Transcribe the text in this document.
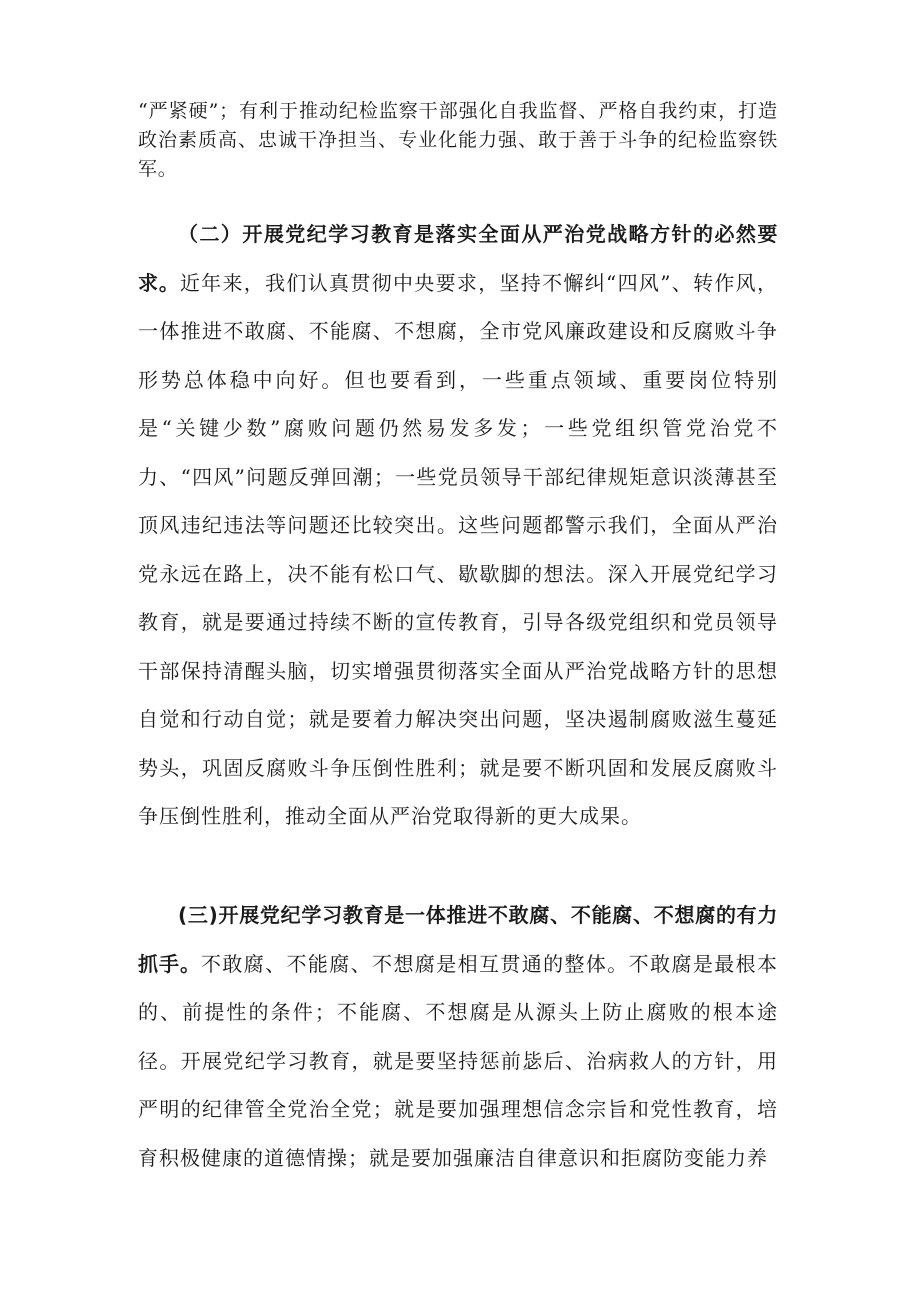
“严紧硬”；有利于推动纪检监察干部强化自我监督、严格自我约束，打造政治素质高、忠诚干净担当、专业化能力强、敢于善于斗争的纪检监察铁军。

（二）开展党纪学习教育是落实全面从严治党战略方针的必然要求。近年来，我们认真贯彻中央要求，坚持不懈纠“四风”、转作风，一体推进不敢腐、不能腐、不想腐，全市党风廉政建设和反腐败斗争形势总体稳中向好。但也要看到，一些重点领域、重要岗位特别是“关键少数”腐败问题仍然易发多发；一些党组织管党治党不力、“四风”问题反弹回潮；一些党员领导干部纪律规矩意识淡薄甚至顶风违纪违法等问题还比较突出。这些问题都警示我们，全面从严治党永远在路上，决不能有松口气、歇歇脚的想法。深入开展党纪学习教育，就是要通过持续不断的宣传教育，引导各级党组织和党员领导干部保持清醒头脑，切实增强贯彻落实全面从严治党战略方针的思想自觉和行动自觉；就是要着力解决突出问题，坚决遏制腐败滋生蔓延势头，巩固反腐败斗争压倒性胜利；就是要不断巩固和发展反腐败斗争压倒性胜利，推动全面从严治党取得新的更大成果。

(三)开展党纪学习教育是一体推进不敢腐、不能腐、不想腐的有力抓手。不敢腐、不能腐、不想腐是相互贯通的整体。不敢腐是最根本的、前提性的条件；不能腐、不想腐是从源头上防止腐败的根本途径。开展党纪学习教育，就是要坚持惩前毖后、治病救人的方针，用严明的纪律管全党治全党；就是要加强理想信念宗旨和党性教育，培育积极健康的道德情操；就是要加强廉洁自律意识和拒腐防变能力养
